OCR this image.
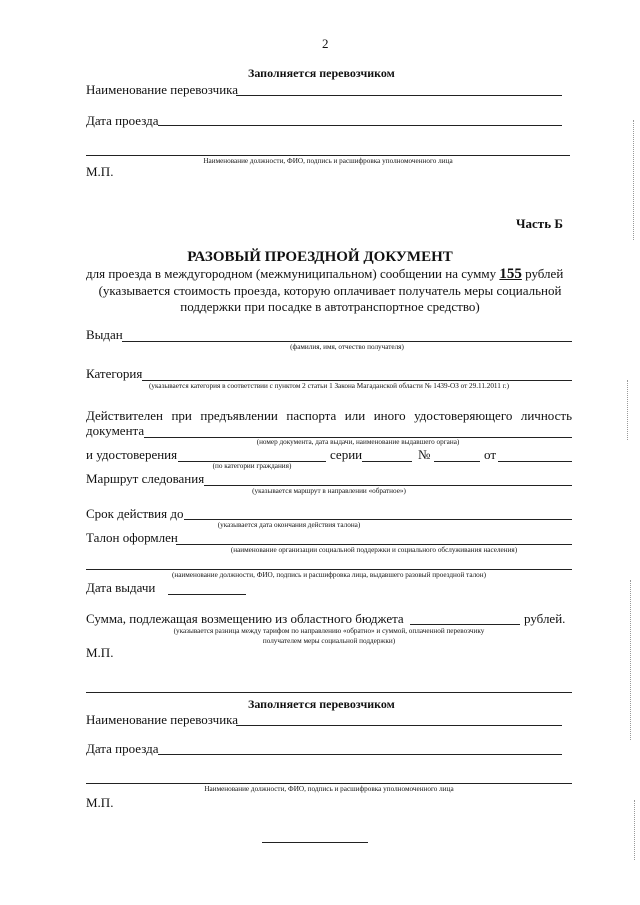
2
Заполняется перевозчиком
Наименование перевозчика
Дата проезда
Наименование должности, ФИО, подпись и расшифровка уполномоченного лица
М.П.
Часть Б
РАЗОВЫЙ ПРОЕЗДНОЙ ДОКУМЕНТ
для проезда в междугородном (межмуниципальном) сообщении на сумму 155 рублей
(указывается стоимость проезда, которую оплачивает получатель меры социальной
поддержки при посадке в автотранспортное средство)
Выдан
(фамилия, имя, отчество получателя)
Категория
(указывается категория в соответствии с пунктом 2 статьи 1 Закона Магаданской области № 1439-ОЗ от 29.11.2011 г.)
Действителен при предъявлении паспорта или иного удостоверяющего личность
документа
(номер документа, дата выдачи, наименование выдавшего органа)
и удостоверения	серии	№	от
(по категории граждания)
Маршрут следования
(указывается маршрут в направлении «обратное»)
Срок действия до
(указывается дата окончания действия талона)
Талон оформлен
(наименование организации социальной поддержки и социального обслуживания населения)
(наименование должности, ФИО, подпись и расшифровка лица, выдавшего разовый проездной талон)
Дата выдачи
Сумма, подлежащая возмещению из областного бюджета	рублей.
(указывается разница между тарифом по направлению «обратно» и суммой, оплаченной перевозчику
получателем меры социальной поддержки)
М.П.
Заполняется перевозчиком
Наименование перевозчика
Дата проезда
Наименование должности, ФИО, подпись и расшифровка уполномоченного лица
М.П.
